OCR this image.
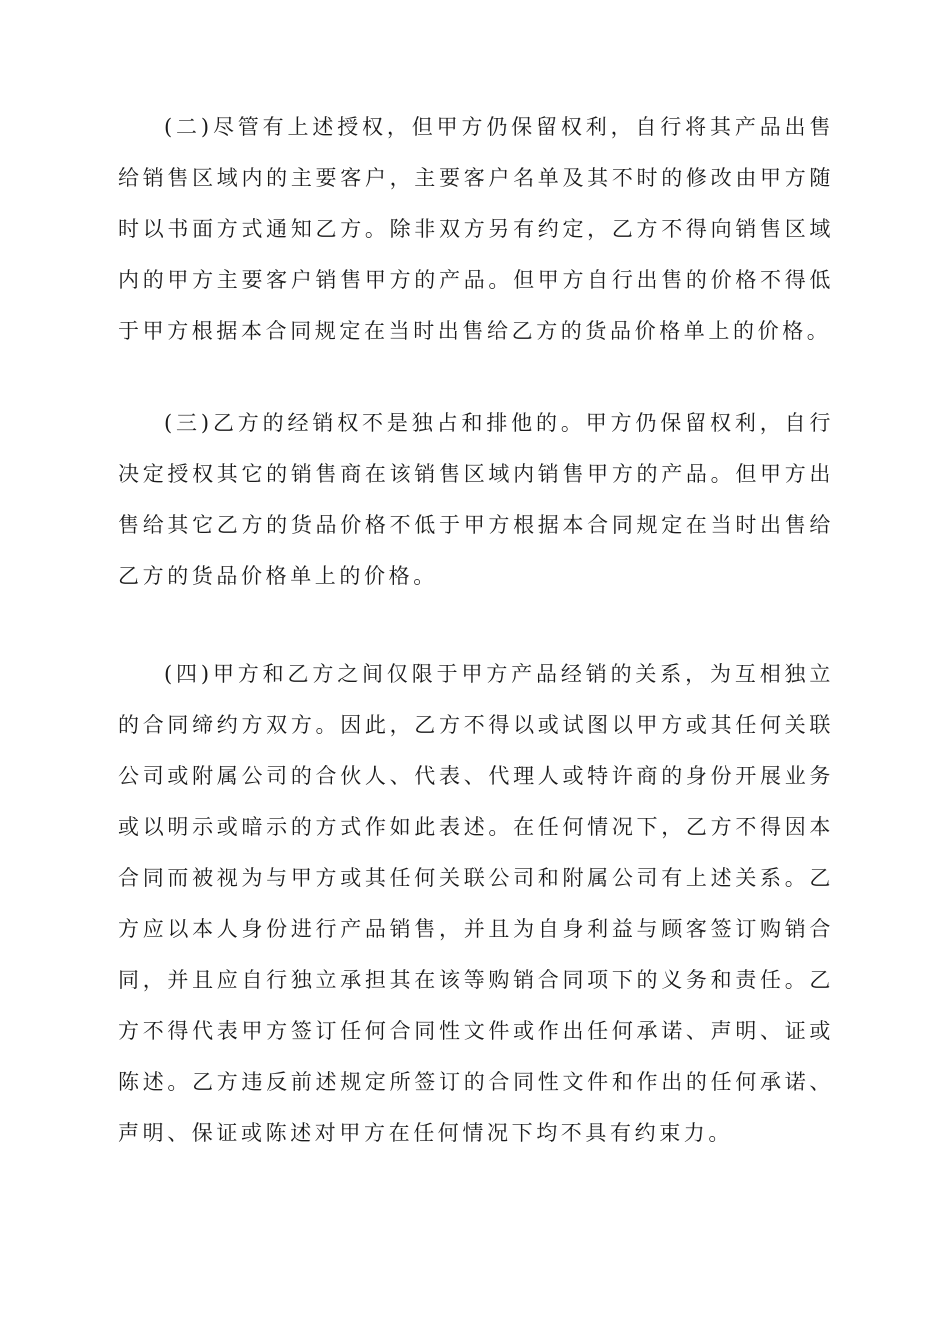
(二)尽管有上述授权，但甲方仍保留权利，自行将其产品出售给销售区域内的主要客户，主要客户名单及其不时的修改由甲方随时以书面方式通知乙方。除非双方另有约定，乙方不得向销售区域内的甲方主要客户销售甲方的产品。但甲方自行出售的价格不得低于甲方根据本合同规定在当时出售给乙方的货品价格单上的价格。

(三)乙方的经销权不是独占和排他的。甲方仍保留权利，自行决定授权其它的销售商在该销售区域内销售甲方的产品。但甲方出售给其它乙方的货品价格不低于甲方根据本合同规定在当时出售给乙方的货品价格单上的价格。

(四)甲方和乙方之间仅限于甲方产品经销的关系，为互相独立的合同缔约方双方。因此，乙方不得以或试图以甲方或其任何关联公司或附属公司的合伙人、代表、代理人或特许商的身份开展业务或以明示或暗示的方式作如此表述。在任何情况下，乙方不得因本合同而被视为与甲方或其任何关联公司和附属公司有上述关系。乙方应以本人身份进行产品销售，并且为自身利益与顾客签订购销合同，并且应自行独立承担其在该等购销合同项下的义务和责任。乙方不得代表甲方签订任何合同性文件或作出任何承诺、声明、证或陈述。乙方违反前述规定所签订的合同性文件和作出的任何承诺、声明、保证或陈述对甲方在任何情况下均不具有约束力。
